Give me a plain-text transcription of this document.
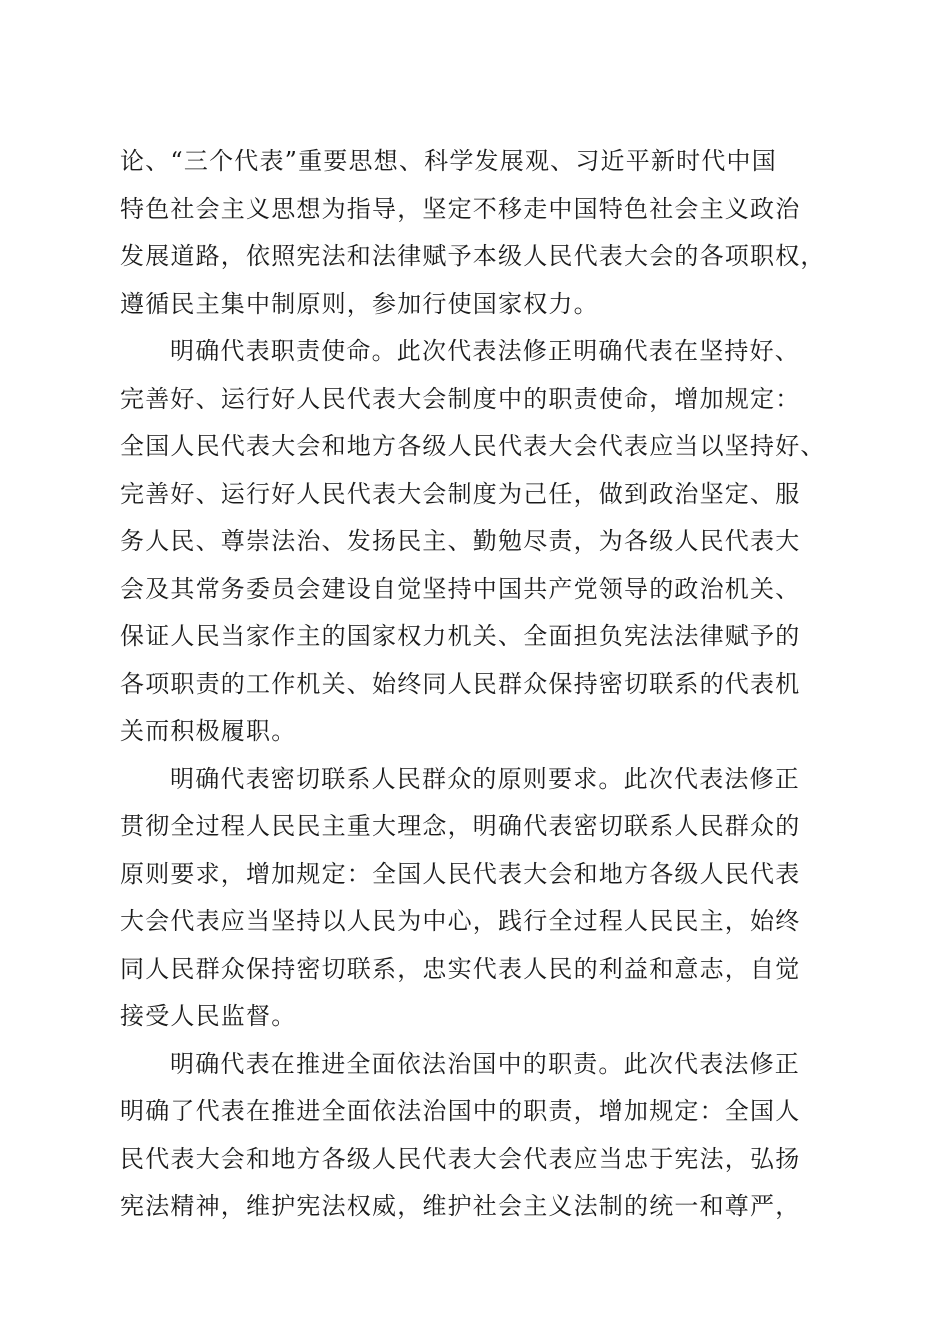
论、“三个代表”重要思想、科学发展观、习近平新时代中国
特色社会主义思想为指导，坚定不移走中国特色社会主义政治
发展道路，依照宪法和法律赋予本级人民代表大会的各项职权，
遵循民主集中制原则，参加行使国家权力。
明确代表职责使命。此次代表法修正明确代表在坚持好、
完善好、运行好人民代表大会制度中的职责使命，增加规定：
全国人民代表大会和地方各级人民代表大会代表应当以坚持好、
完善好、运行好人民代表大会制度为己任，做到政治坚定、服
务人民、尊崇法治、发扬民主、勤勉尽责，为各级人民代表大
会及其常务委员会建设自觉坚持中国共产党领导的政治机关、
保证人民当家作主的国家权力机关、全面担负宪法法律赋予的
各项职责的工作机关、始终同人民群众保持密切联系的代表机
关而积极履职。
明确代表密切联系人民群众的原则要求。此次代表法修正
贯彻全过程人民民主重大理念，明确代表密切联系人民群众的
原则要求，增加规定：全国人民代表大会和地方各级人民代表
大会代表应当坚持以人民为中心，践行全过程人民民主，始终
同人民群众保持密切联系，忠实代表人民的利益和意志，自觉
接受人民监督。
明确代表在推进全面依法治国中的职责。此次代表法修正
明确了代表在推进全面依法治国中的职责，增加规定：全国人
民代表大会和地方各级人民代表大会代表应当忠于宪法，弘扬
宪法精神，维护宪法权威，维护社会主义法制的统一和尊严，
